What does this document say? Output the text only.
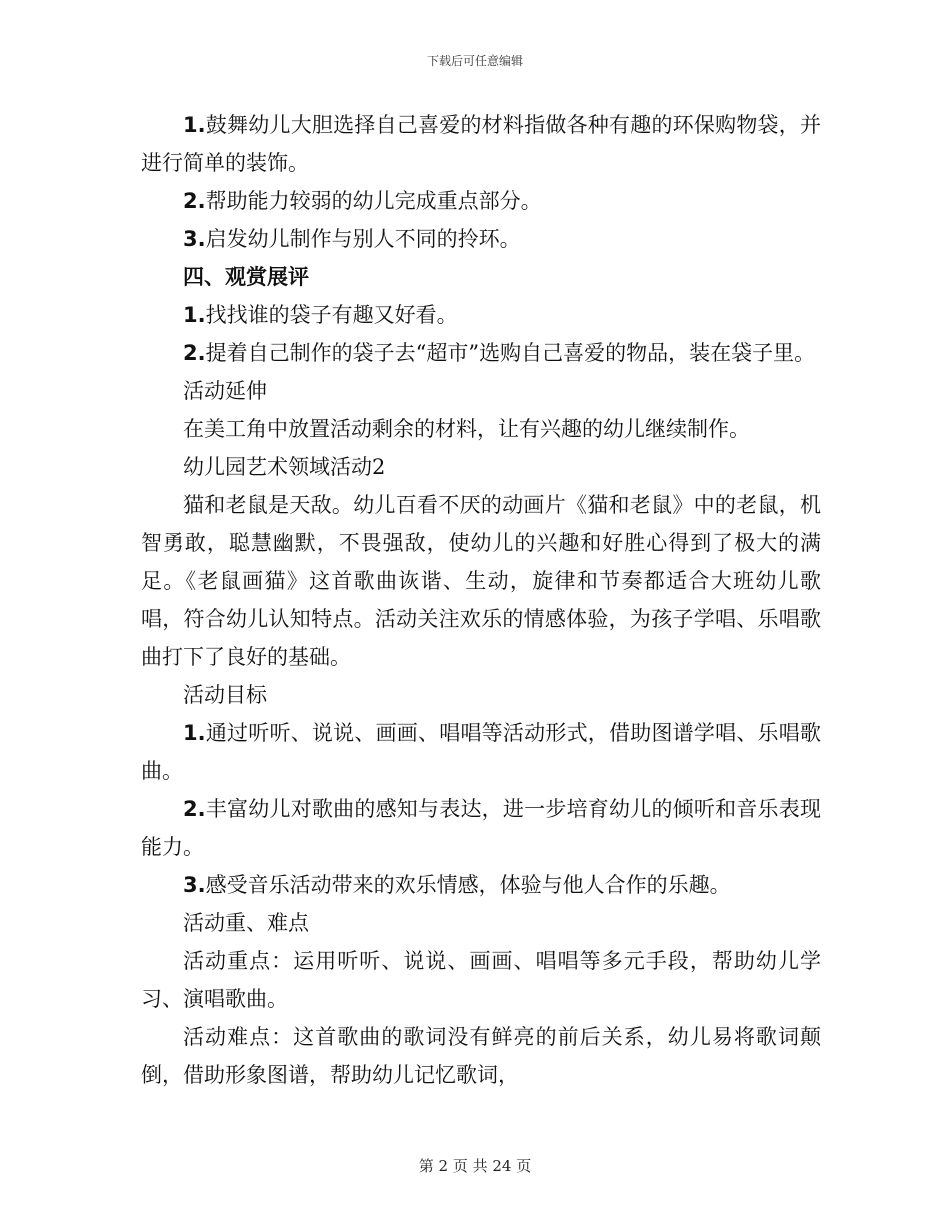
下载后可任意编辑

1.鼓舞幼儿大胆选择自己喜爱的材料指做各种有趣的环保购物袋，并进行简单的装饰。

2.帮助能力较弱的幼儿完成重点部分。

3.启发幼儿制作与别人不同的拎环。

四、观赏展评

1.找找谁的袋子有趣又好看。

2.提着自己制作的袋子去“超市”选购自己喜爱的物品，装在袋子里。

活动延伸

在美工角中放置活动剩余的材料，让有兴趣的幼儿继续制作。

幼儿园艺术领域活动2

猫和老鼠是天敌。幼儿百看不厌的动画片《猫和老鼠》中的老鼠，机智勇敢，聪慧幽默，不畏强敌，使幼儿的兴趣和好胜心得到了极大的满足。《老鼠画猫》这首歌曲诙谐、生动，旋律和节奏都适合大班幼儿歌唱，符合幼儿认知特点。活动关注欢乐的情感体验，为孩子学唱、乐唱歌曲打下了良好的基础。

活动目标

1.通过听听、说说、画画、唱唱等活动形式，借助图谱学唱、乐唱歌曲。

2.丰富幼儿对歌曲的感知与表达，进一步培育幼儿的倾听和音乐表现能力。

3.感受音乐活动带来的欢乐情感，体验与他人合作的乐趣。

活动重、难点

活动重点：运用听听、说说、画画、唱唱等多元手段，帮助幼儿学习、演唱歌曲。

活动难点：这首歌曲的歌词没有鲜亮的前后关系，幼儿易将歌词颠倒，借助形象图谱，帮助幼儿记忆歌词，

第 2 页 共 24 页
